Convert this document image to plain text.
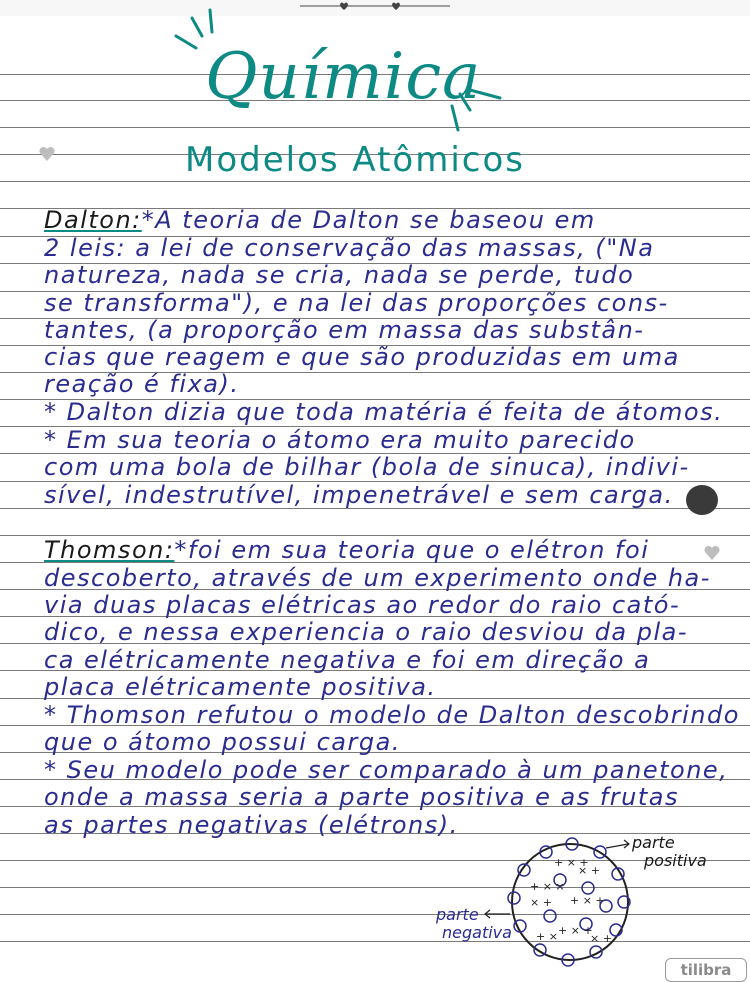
Química
Modelos Atômicos
Dalton:*A teoria de Dalton se baseou em
2 leis: a lei de conservação das massas, ("Na
natureza, nada se cria, nada se perde, tudo
se transforma"), e na lei das proporções cons-
tantes, (a proporção em massa das substân-
cias que reagem e que são produzidas em uma
reação é fixa).
* Dalton dizia que toda matéria é feita de átomos.
* Em sua teoria o átomo era muito parecido
com uma bola de bilhar (bola de sinuca), indivi-
sível, indestrutível, impenetrável e sem carga.
Thomson:*foi em sua teoria que o elétron foi
descoberto, através de um experimento onde ha-
via duas placas elétricas ao redor do raio cató-
dico, e nessa experiencia o raio desviou da pla-
ca elétricamente negativa e foi em direção a
placa elétricamente positiva.
* Thomson refutou o modelo de Dalton descobrindo
que o átomo possui carga.
* Seu modelo pode ser comparado à um panetone,
onde a massa seria a parte positiva e as frutas
as partes negativas (elétrons).
+ × +
× +
+ × ×
+ × +
× +
+ × +
× +
+ ×
parte
positiva
parte
negativa
tilibra
